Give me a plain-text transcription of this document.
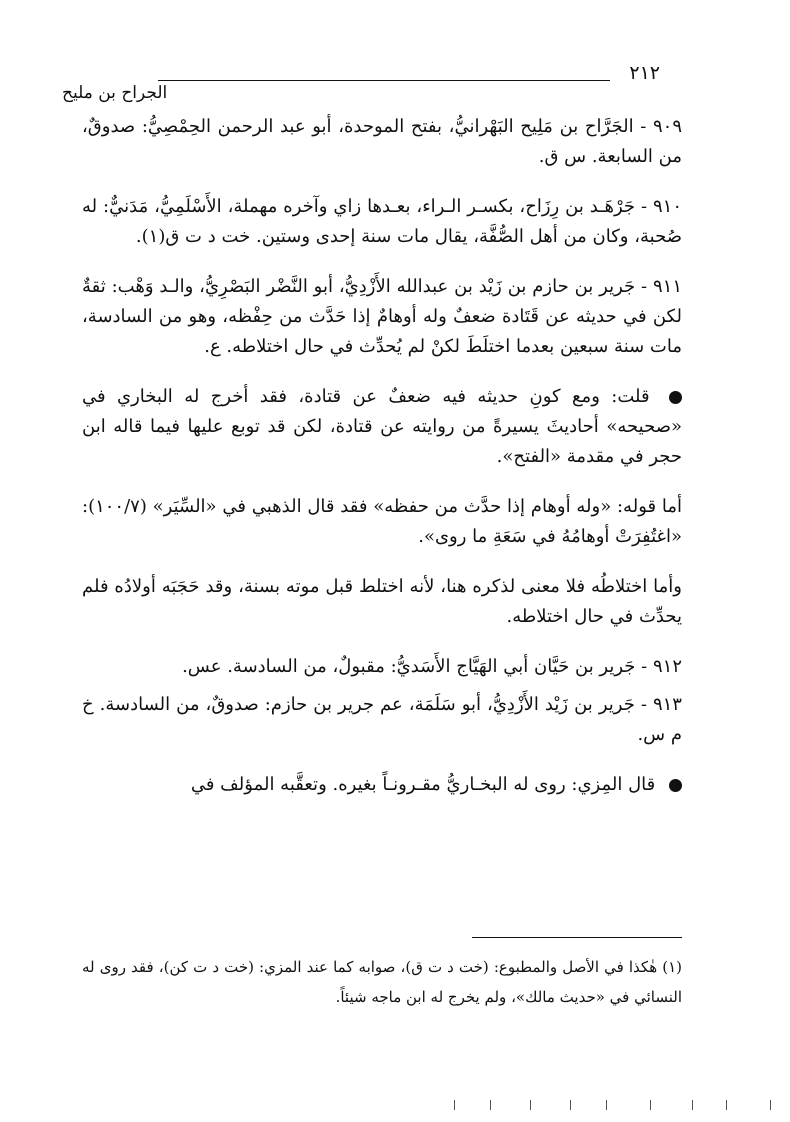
٢١٢
الجراح بن مليح

٩٠٩ - الجَرَّاح بن مَلِيح البَهْرانيُّ، بفتح الموحدة، أبو عبد الرحمن الحِمْصِيُّ: صدوقٌ، من السابعة. س ق.

٩١٠ - جَرْهَـد بن رِزَاح، بكسـر الـراء، بعـدها زاي وآخره مهملة، الأَسْلَمِيُّ، مَدَنيٌّ: له صُحبة، وكان من أهل الصُّفَّة، يقال مات سنة إحدى وستين. خت د ت ق(١).

٩١١ - جَرير بن حازم بن زَيْد بن عبدالله الأَزْدِيُّ، أبو النَّضْر البَصْرِيُّ، والـد وَهْب: ثقةٌ لكن في حديثه عن قَتَادة ضعفٌ وله أوهامٌ إذا حَدَّث من حِفْظه، وهو من السادسة، مات سنة سبعين بعدما اختلَطَ لكنْ لم يُحدِّث في حال اختلاطه. ع.

قلت: ومع كونِ حديثه فيه ضعفٌ عن قتادة، فقد أخرج له البخاري في «صحيحه» أحاديثَ يسيرةً من روايته عن قتادة، لكن قد توبع عليها فيما قاله ابن حجر في مقدمة «الفتح».

أما قوله: «وله أوهام إذا حدَّث من حفظه» فقد قال الذهبي في «السِّيَر» (١٠٠/٧): «اغتُفِرَتْ أوهامُهُ في سَعَةِ ما روى».

وأما اختلاطُه فلا معنى لذكره هنا، لأنه اختلط قبل موته بسنة، وقد حَجَبَه أولادُه فلم يحدِّث في حال اختلاطه.

٩١٢ - جَرير بن حَيَّان أبي الهَيَّاج الأَسَديُّ: مقبولٌ، من السادسة. عس.

٩١٣ - جَرير بن زَيْد الأَزْدِيُّ، أبو سَلَمَة، عم جرير بن حازم: صدوقٌ، من السادسة. خ م س.

قال المِزي: روى له البخـاريُّ مقـرونـاً بغيره. وتعقَّبه المؤلف في

(١) هٰكذا في الأصل والمطبوع: (خت د ت ق)، صوابه كما عند المزي: (خت د ت كن)، فقد روى له النسائي في «حديث مالك»، ولم يخرج له ابن ماجه شيئاً.
